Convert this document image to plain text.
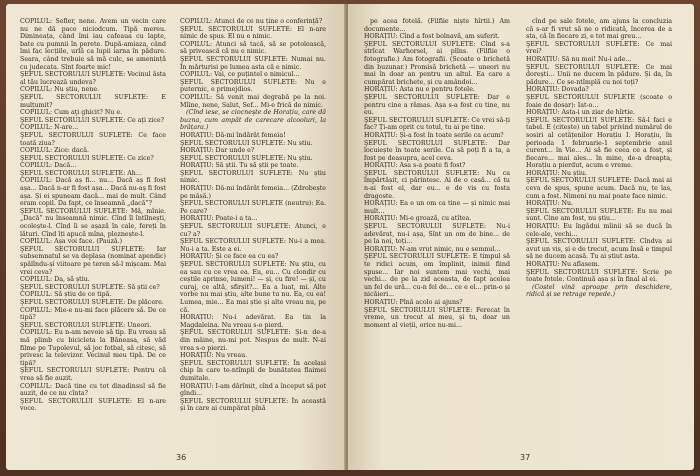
COPILUL: Sefler, nene. Avem un vecin care nu ne dă pace niciodcum. Tipă mereu. Dimineața, când îmi iau cafeaua cu lapte, bate cu pumnii în perete. După-amiaza, când îmi fac lecțiile, urlă ca lupii iarna în pădure. Seara, când trebuie să mă culc, se amenință cu judecata. Sînt foarte mic!

ŞEFUL SECTORULUI SUFLETE: Vecinul ăsta al tău lucrează undeva?

COPILUL: Nu știu, nene.

ŞEFUL SECTORULUI SUFLETE: E mulțumit?

COPILUL: Cum aţi ghicit? Nu e.

ŞEFUL SECTORULUI SUFLETE: Ce ați zice?

COPILUL: N-are...

ŞEFUL SECTORULUI SUFLETE: Ce face toată ziua?

COPILUL: Zice: dacă.

ŞEFUL SECTORULUI SUFLETE: Ce zice?

COPILUL: Dacă...

ŞEFUL SECTORULUI SUFLETE: Ah...

COPILUL: Dacă aș fi... nu... Dacă aș fi fost așa... Dacă n-ar fi fost așa... Dacă nu-aș fi fost așa. Și ei spuneam dacă... mai de mult. Când eram copil. Da fapt, ce înseamnă „dacă”?

ŞEFUL SECTORULUI SUFLETE: Mă, mînie. „Dacă” nu înseamnă nimic. Cînd îl întîlnești, ocolește-l. Cînd îi se așază în cale, fereți în lături. Cînd îți apucă mîna, pleznește-l.

COPILUL: Așa voi face. (Pauză.)

ŞEFUL SECTORULUI SUFLETE: Iar subsemnatul se va deplasa (nominat apendic) spălîndu-și viitoare pe teren să-l mișcam. Mai vrei ceva?

COPILUL: Da, să știu.

ŞEFUL SECTORULUI SUFLETE: Să știi ce?

COPILUL: Să știu de ce tipă.

ŞEFUL SECTORULUI SUFLETE: De plăcere.

COPILUL: Mie-e nu-mi face plăcere să. De ce tipă?

ŞEFUL SECTORULUI SUFLETE: Uneori.

COPILUL: Eu n-am nevoie să tip. Eu vreau să mă plimb cu bicicleta la Băneasa, să văd filme pe Tupolevul, să joc fotbal, să citesc, să privesc la televizor. Vecinul meu tipă. De ce tipă?

ŞEFUL SECTORULUI SUFLETE: Pentru că vrea să fie auzit.

COPILUL: Dacă tine cu tot dinadinsul să fie auzit, de ce nu cînta?

ŞEFUL SECTORULUI SUFLETE: El n-are voce.

COPILUL: Atunci de ce nu ține o conferință?

ŞEFUL SECTORULUI SUFLETE: El n-are nimic de spus. El nu e nimic.

COPILUL: Atunci să tacă, să se potolească, să privească că nu e nimic.

ŞEFUL SECTORULUI SUFLETE: Numai nu. În mărturisi pe lumea asta că e nimic.

COPILUL: Vai, ce puțintel e nimicul...

ŞEFUL SECTORULUI SUFLETE: Nu e puternic, e primejdios.

COPILUL: Să venit mai degrabă pe la noi. Mîine, nene, Salut, Sef... Mi-e frică de nimic.

(Cînd iese, se ciocnește de Horațiu, care dă buzna, cum ampăt de carecare alcooluri, la brățara.)

HORAȚIU: Dă-mi îndărăt femeia!

ŞEFUL SECTORULUI SUFLETE: Nu stiu.

HORAȚIU: Dar unde e?

ŞEFUL SECTORULUI SUFLETE: Nu știu.

HORAȚIU: Să știi. Tu să știi pe toate.

ŞEFUL SECTORULUI SUFLETE: Nu știu nimic.

HORAȚIU: Dă-mi îndărăt femeia... (Zdrobește pe măsă.)

ŞEFUL SECTORULUI SUFLETE (neutru): Ea. Pe care?

HORAȚIU: Poate-i a ta...

ŞEFUL SECTORULUI SUFLETE: Atunci, e cu? a?

ŞEFUL SECTORULUI SUFLETE: Nu-i a mea. Nu-i a ta. Este a ei.

HORAȚIU: Și ce face ea cu ea?

ŞEFUL SECTORULUI SUFLETE: Nu știu, cu ea sau cu ce vrea ea. Eu, eu... Cu clondir cu ceștile aprinse, lumeni! — și, cu fire! — și, cu curaj, ce altă, sfirșit?... Ea a luat, mi. Alte vorbe nu mai știu, alte bune tu nu. Ea, cu ea! Lumea, mie... Ea mai știe și alte vreau nu, pe că.

HORAȚIU: Nu-i adevărat. Ea tin la Magdaleina. Nu vreau s-o pierd.

ŞEFUL SECTORULUI SUFLETE: Și-n de-a din mâine, nu-mi pot. Nespus de mult. N-ai vrea s-o pierzi.

HORAȚIU: Nu vreau.

ŞEFUL SECTORULUI SUFLETE: În acelasi chip în care te-ntîmpli de bunătatea flaimei dumitale.

HORAȚIU: I-am dărîmit, cînd a început să pot gîndi...

ŞEFUL SECTORULUI SUFLETE: În această și în care ai cumpărat pînă

36

pe acea fotelă. (Filfiie niște hîrtii.) Am documente...

HORAȚIU: Cînd a fost bolnavă, am suferit.

ŞEFUL SECTORULUI SUFLETE: Cînd s-a strîcat Warhorsel, ai plîns. (Filfiie o fotografie.) Am fotografii. (Scoate o brichetă din buzunar.) Promisă brichetă — uneori nu mai în doar an pentru un altul. Ea care a cumpărat brichete, și cu amândoi...

HORAȚIU: Asta nu e pentru fotele.

ŞEFUL SECTORULUI SUFLETE: Dar e pentru cine a rămas. Așa s-a fost cu tine, nu eu.

ŞEFUL SECTORULUI SUFLETE: Ce vrei să-ți fac? Ți-am oprit cu totul, tu ai pe tine.

HORAȚIU: Și-a fost în toate serile ca acum?

ŞEFUL SECTORULUI SUFLETE: Dar locuiește în toate serile. Ca să poți fi a ta, a fost pe deasupra, acel ceva.

HORAȚIU: Asa s-a poate fi fost?

ŞEFUL SECTORULUI SUFLETE: Nu ca împărtășit, ci părintesc. Ai de o casă... că tu n-ai fost el, dar eu... e de vis cu fosta dragoste.

HORAȚIU: Ea e un om ca tine — și nimic mai mult...

HORAȚIU: Mi-e groază, cu atîtea.

ŞEFUL SECTORULUI SUFLETE: Nu-i adevărat, nu-i așa, Sînt un om de bine... de pe la noi, toți...

HORAȚIU: N-am vrut nimic, nu e semnul...

ŞEFUL SECTORULUI SUFLETE: E timpul să te ridici acum, om împlinit, inimii fiind spuse... Iar noi suntem mai vechi, mai vechi... de pe la zid aceasta, de fapt acelea un fel de ură... cu-n fel de... ce e el... prin-o și nicăieri...

HORAȚIU: Pînă acolo ai ajuns?

ŞEFUL SECTORULUI SUFLETE: Ferecat în vreme, un trecut al meu, și tu, doar un moment al vieții, orice nu-mi...

cînd pe sale fotele, am ajuns la concluzia că s-ar fi vrut să ne o ridicată, încerea de a sta, că în fiecare zi, e tot mai greu...

ŞEFUL SECTORULUI SUFLETE: Ce mai vrei?

HORAȚIU: Să nu moi! Nu-i ade...

ŞEFUL SECTORULUI SUFLETE: Ce mai dorești... Unii ne ducem în pădure. Și da, în pădure... Ce se-ntîmplă cu noi toți?

HORAȚIU: Dovada?

ŞEFUL SECTORULUI SUFLETE (scoate o foaie de dosar): Iat-o...

HORAȚIU: Asta-i un ziar de hîrtie.

ŞEFUL SECTORULUI SUFLETE: Să-l faci e tabel. E (citește) un tabel privind numărul de sosiri al cetățenilor Horațiu I. Horațiu, în perioada 1 februarie-1 septembrie anul curent... în Vie... Ai să fie ceea ce a fost, și fiecare... mai ales... în mine, de-a dreapta, Horațiu a pierdut, acum e vreme.

HORAȚIU: Nu știu.

ŞEFUL SECTORULUI SUFLETE: Dacă mai ai ceva de spus, spune acum. Dacă nu, te las, cum a fost. Nimeni nu mai poate face nimic.

HORAȚIU: Nu.

ŞEFUL SECTORULUI SUFLETE: Eu nu mai sunt. Cine am fost, nu știu...

HORAȚIU: Eu îngădui mîinii să se ducă în cele-ale, vechi...

ŞEFUL SECTORULUI SUFLETE: Cîndva ai avut un vis, și e de trecut, acum însă e timpul să ne ducem acasă. Tu ai știut asta.

HORAȚIU: Nu aflasem.

ŞEFUL SECTORULUI SUFLETE: Scrie pe toate fotele. Continuă așa și în final al ei.

(Costel vină aproape prin deschidere, ridică și se retrage repede.)

37
